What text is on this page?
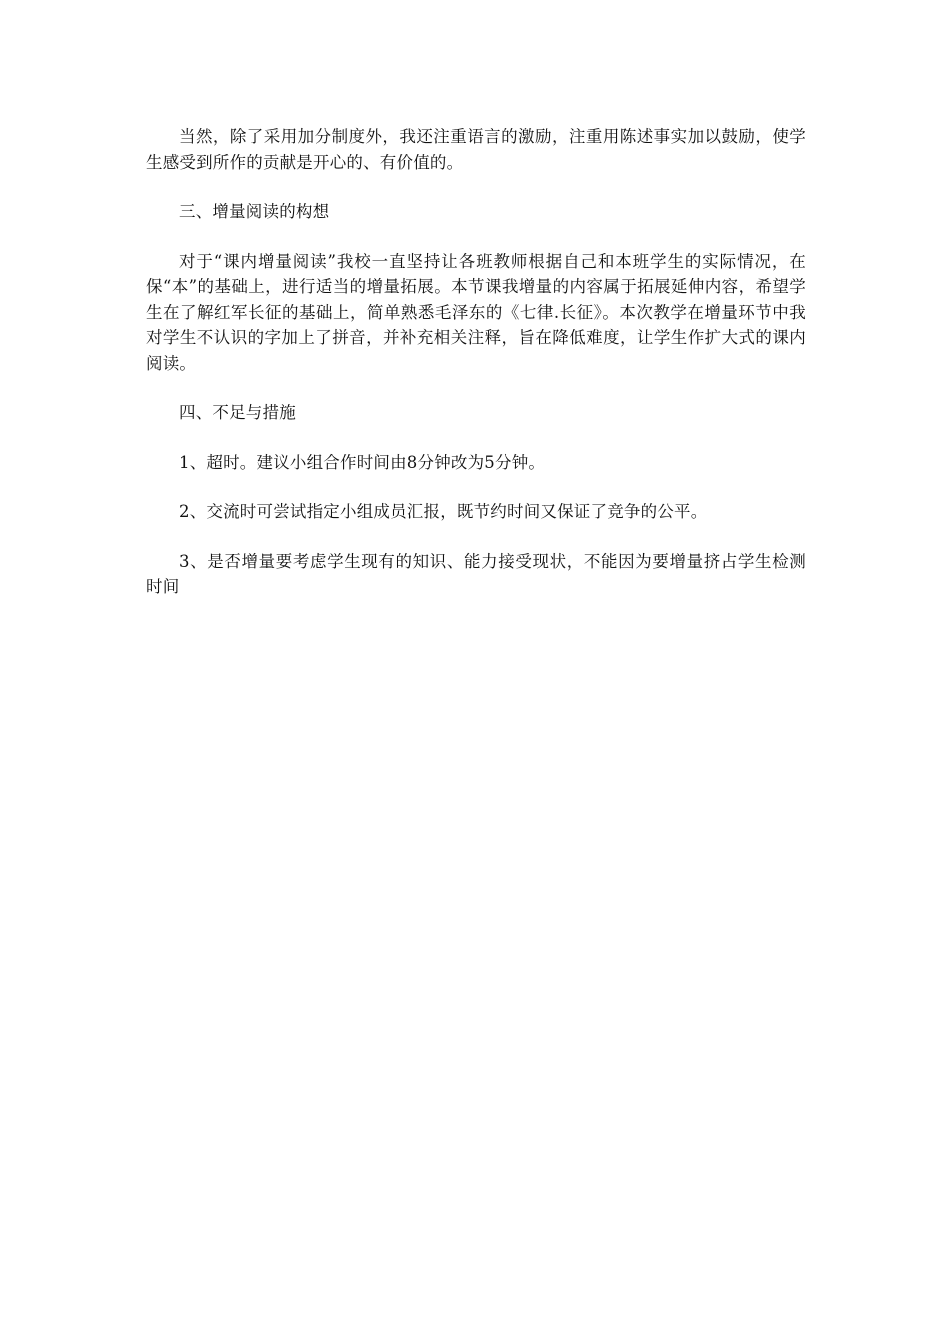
当然，除了采用加分制度外，我还注重语言的激励，注重用陈述事实加以鼓励，使学生感受到所作的贡献是开心的、有价值的。

三、增量阅读的构想

对于“课内增量阅读”我校一直坚持让各班教师根据自己和本班学生的实际情况，在保“本”的基础上，进行适当的增量拓展。本节课我增量的内容属于拓展延伸内容，希望学生在了解红军长征的基础上，简单熟悉毛泽东的《七律.长征》。本次教学在增量环节中我对学生不认识的字加上了拼音，并补充相关注释，旨在降低难度，让学生作扩大式的课内阅读。

四、不足与措施

1、超时。建议小组合作时间由8分钟改为5分钟。

2、交流时可尝试指定小组成员汇报，既节约时间又保证了竞争的公平。

3、是否增量要考虑学生现有的知识、能力接受现状，不能因为要增量挤占学生检测时间
